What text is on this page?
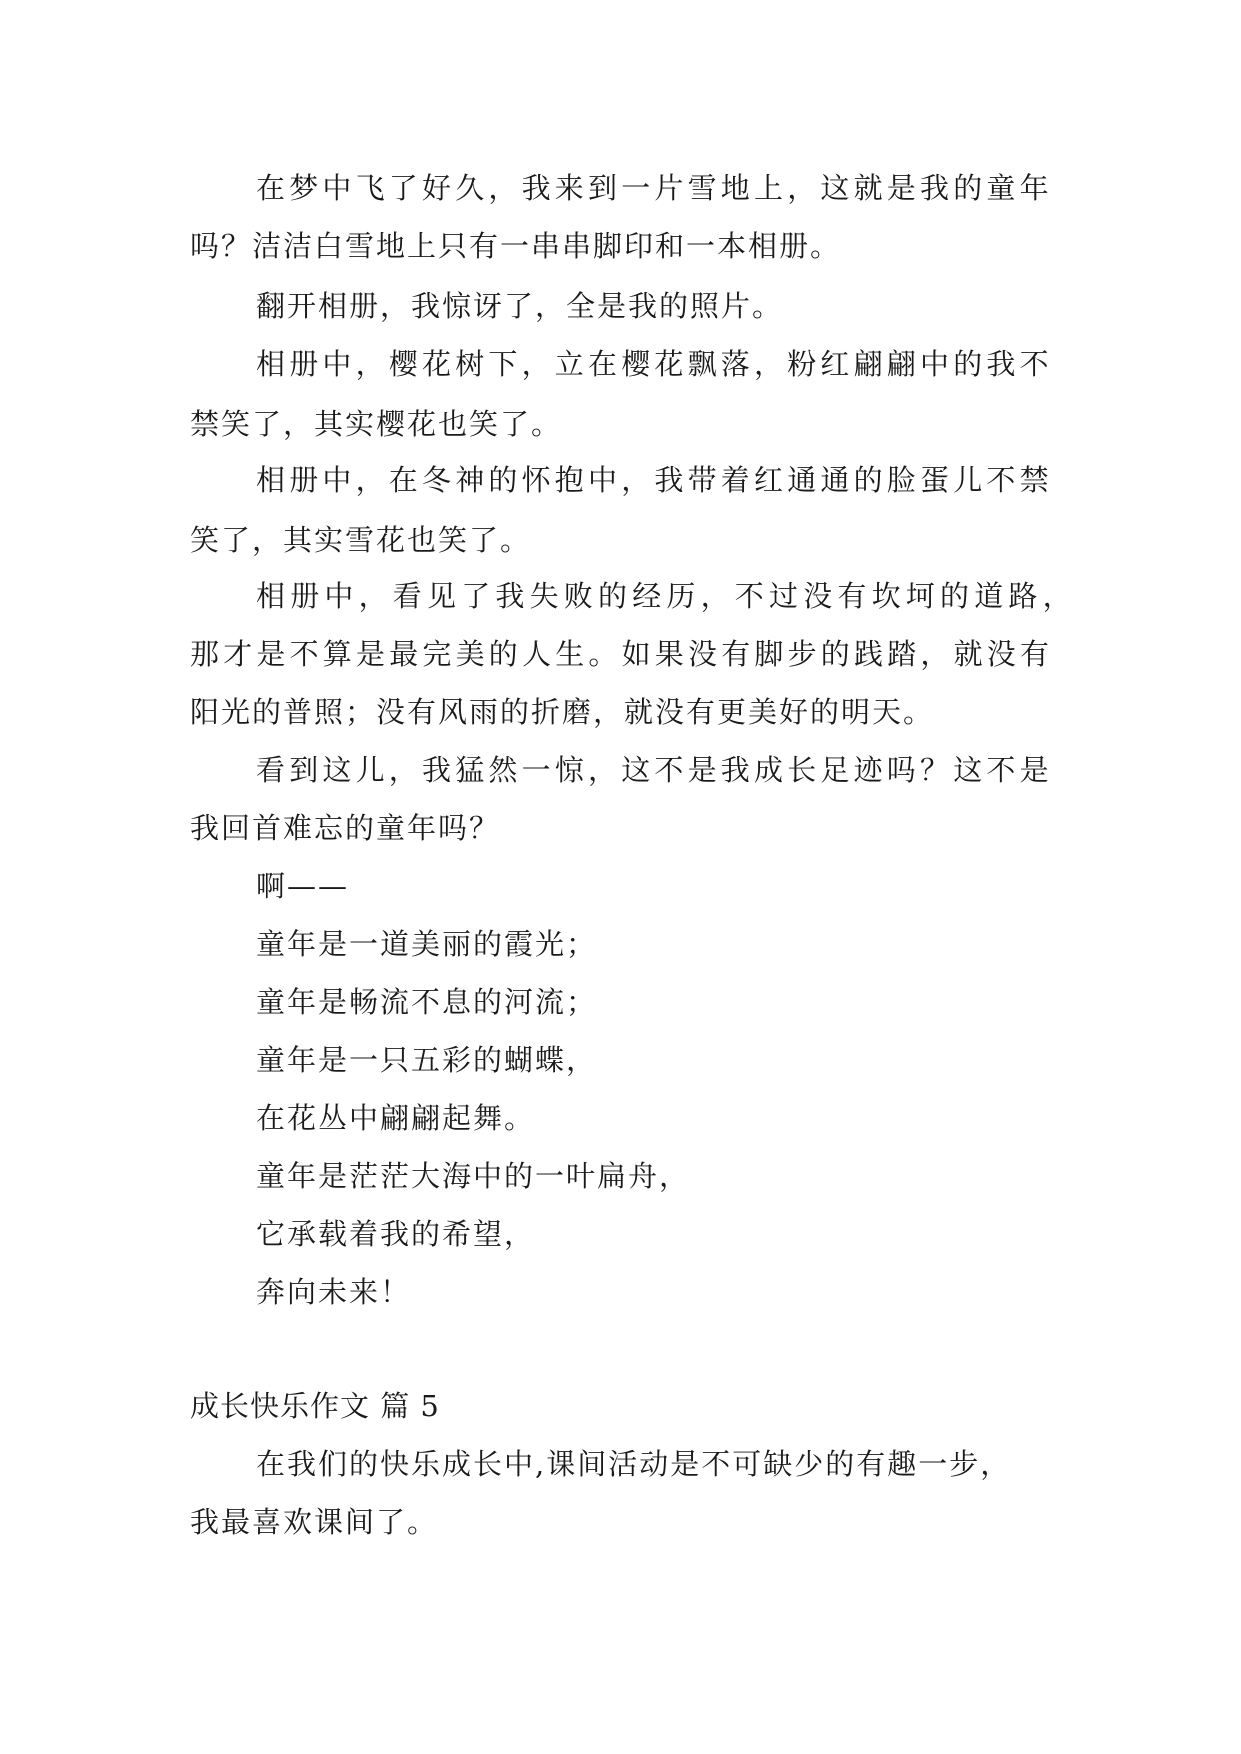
在梦中飞了好久，我来到一片雪地上，这就是我的童年
吗？洁洁白雪地上只有一串串脚印和一本相册。
翻开相册，我惊讶了，全是我的照片。
相册中，樱花树下，立在樱花飘落，粉红翩翩中的我不
禁笑了，其实樱花也笑了。
相册中，在冬神的怀抱中，我带着红通通的脸蛋儿不禁
笑了，其实雪花也笑了。
相册中，看见了我失败的经历，不过没有坎坷的道路，
那才是不算是最完美的人生。如果没有脚步的践踏，就没有
阳光的普照；没有风雨的折磨，就没有更美好的明天。
看到这儿，我猛然一惊，这不是我成长足迹吗？这不是
我回首难忘的童年吗？
啊——
童年是一道美丽的霞光；
童年是畅流不息的河流；
童年是一只五彩的蝴蝶，
在花丛中翩翩起舞。
童年是茫茫大海中的一叶扁舟，
它承载着我的希望，
奔向未来！
成长快乐作文 篇 5
在我们的快乐成长中,课间活动是不可缺少的有趣一步，
我最喜欢课间了。
